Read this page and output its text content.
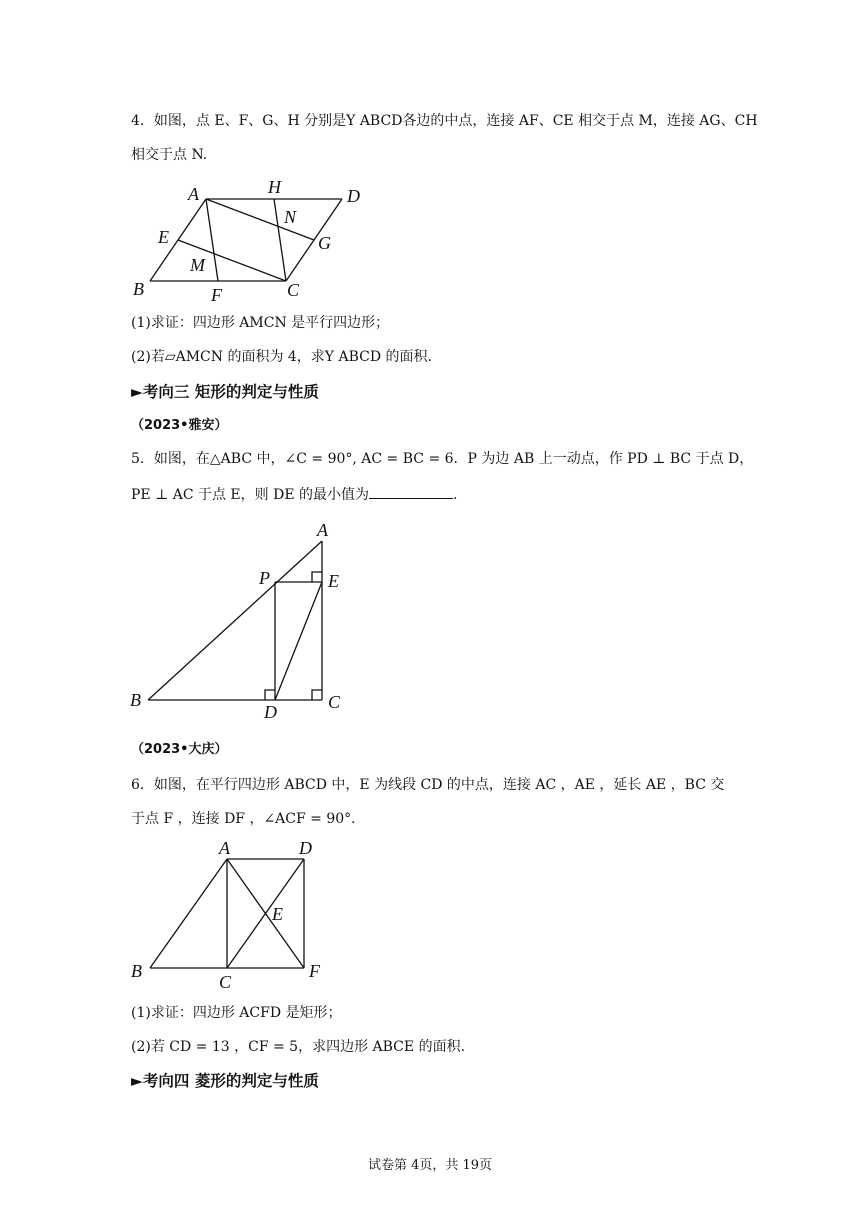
4．如图，点 E、F、G、H 分别是Y ABCD各边的中点，连接 AF、CE 相交于点 M，连接 AG、CH
相交于点 N.
A	H	D
E
N
G
M
B	F	C
(1)求证：四边形 AMCN 是平行四边形；
(2)若▱AMCN 的面积为 4，求Y ABCD 的面积.
►考向三 矩形的判定与性质
（2023•雅安）
5．如图，在△ABC 中，∠C = 90°, AC = BC = 6．P 为边 AB 上一动点，作 PD ⊥ BC 于点 D，
PE ⊥ AC 于点 E，则 DE 的最小值为	.
A
P	E
B
D	C
（2023•大庆）
6．如图，在平行四边形 ABCD 中，E 为线段 CD 的中点，连接 AC ，AE ，延长 AE ，BC 交
于点 F ，连接 DF ，∠ACF = 90°．
A	D
E
B
C
F
(1)求证：四边形 ACFD 是矩形；
(2)若 CD = 13 ，CF = 5，求四边形 ABCE 的面积.
►考向四 菱形的判定与性质
试卷第 4页，共 19页
